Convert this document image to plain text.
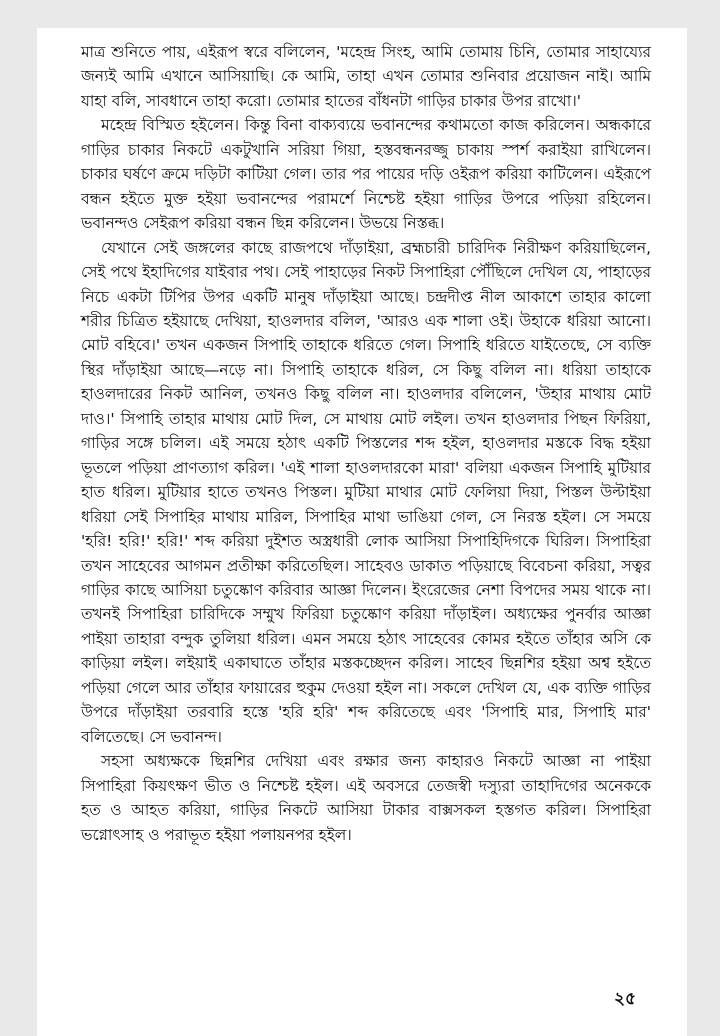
মাত্র শুনিতে পায়, এইরূপ স্বরে বলিলেন, 'মহেন্দ্র সিংহ, আমি তোমায় চিনি, তোমার সাহায্যের জন্যই আমি এখানে আসিয়াছি। কে আমি, তাহা এখন তোমার শুনিবার প্রয়োজন নাই। আমি যাহা বলি, সাবধানে তাহা করো। তোমার হাতের বাঁধনটা গাড়ির চাকার উপর রাখো।'

মহেন্দ্র বিস্মিত হইলেন। কিন্তু বিনা বাক্যব্যয়ে ভবানন্দের কথামতো কাজ করিলেন। অন্ধকারে গাড়ির চাকার নিকটে একটুখানি সরিয়া গিয়া, হস্তবন্ধনরজ্জু চাকায় স্পর্শ করাইয়া রাখিলেন। চাকার ঘর্ষণে ক্রমে দড়িটা কাটিয়া গেল। তার পর পায়ের দড়ি ওইরূপ করিয়া কাটিলেন। এইরূপে বন্ধন হইতে মুক্ত হইয়া ভবানন্দের পরামর্শে নিশ্চেষ্ট হইয়া গাড়ির উপরে পড়িয়া রহিলেন। ভবানন্দও সেইরূপ করিয়া বন্ধন ছিন্ন করিলেন। উভয়ে নিস্তব্ধ।

যেখানে সেই জঙ্গলের কাছে রাজপথে দাঁড়াইয়া, ব্রহ্মচারী চারিদিক নিরীক্ষণ করিয়াছিলেন, সেই পথে ইহাদিগের যাইবার পথ। সেই পাহাড়ের নিকট সিপাহিরা পৌঁছিলে দেখিল যে, পাহাড়ের নিচে একটা টিপির উপর একটি মানুষ দাঁড়াইয়া আছে। চন্দ্রদীপ্ত নীল আকাশে তাহার কালো শরীর চিত্রিত হইয়াছে দেখিয়া, হাওলদার বলিল, 'আরও এক শালা ওই। উহাকে ধরিয়া আনো। মোট বহিবে।' তখন একজন সিপাহি তাহাকে ধরিতে গেল। সিপাহি ধরিতে যাইতেছে, সে ব্যক্তি স্থির দাঁড়াইয়া আছে—নড়ে না। সিপাহি তাহাকে ধরিল, সে কিছু বলিল না। ধরিয়া তাহাকে হাওলদারের নিকট আনিল, তখনও কিছু বলিল না। হাওলদার বলিলেন, 'উহার মাথায় মোট দাও।' সিপাহি তাহার মাথায় মোট দিল, সে মাথায় মোট লইল। তখন হাওলদার পিছন ফিরিয়া, গাড়ির সঙ্গে চলিল। এই সময়ে হঠাৎ একটি পিস্তলের শব্দ হইল, হাওলদার মস্তকে বিদ্ধ হইয়া ভূতলে পড়িয়া প্রাণত্যাগ করিল। 'এই শালা হাওলদারকো মারা' বলিয়া একজন সিপাহি মুটিয়ার হাত ধরিল। মুটিয়ার হাতে তখনও পিস্তল। মুটিয়া মাথার মোট ফেলিয়া দিয়া, পিস্তল উল্টাইয়া ধরিয়া সেই সিপাহির মাথায় মারিল, সিপাহির মাথা ভাঙিয়া গেল, সে নিরস্ত হইল। সে সময়ে 'হরি! হরি!' হরি!' শব্দ করিয়া দুইশত অস্ত্রধারী লোক আসিয়া সিপাহিদিগকে ঘিরিল। সিপাহিরা তখন সাহেবের আগমন প্রতীক্ষা করিতেছিল। সাহেবও ডাকাত পড়িয়াছে বিবেচনা করিয়া, সত্বর গাড়ির কাছে আসিয়া চতুষ্কোণ করিবার আজ্ঞা দিলেন। ইংরেজের নেশা বিপদের সময় থাকে না। তখনই সিপাহিরা চারিদিকে সম্মুখ ফিরিয়া চতুষ্কোণ করিয়া দাঁড়াইল। অধ্যক্ষের পুনর্বার আজ্ঞা পাইয়া তাহারা বন্দুক তুলিয়া ধরিল। এমন সময়ে হঠাৎ সাহেবের কোমর হইতে তাঁহার অসি কে কাড়িয়া লইল। লইয়াই একাঘাতে তাঁহার মস্তকচ্ছেদন করিল। সাহেব ছিন্নশির হইয়া অশ্ব হইতে পড়িয়া গেলে আর তাঁহার ফায়ারের হুকুম দেওয়া হইল না। সকলে দেখিল যে, এক ব্যক্তি গাড়ির উপরে দাঁড়াইয়া তরবারি হস্তে 'হরি হরি' শব্দ করিতেছে এবং 'সিপাহি মার, সিপাহি মার' বলিতেছে। সে ভবানন্দ।

সহসা অধ্যক্ষকে ছিন্নশির দেখিয়া এবং রক্ষার জন্য কাহারও নিকটে আজ্ঞা না পাইয়া সিপাহিরা কিয়ৎক্ষণ ভীত ও নিশ্চেষ্ট হইল। এই অবসরে তেজস্বী দস্যুরা তাহাদিগের অনেককে হত ও আহত করিয়া, গাড়ির নিকটে আসিয়া টাকার বাক্সসকল হস্তগত করিল। সিপাহিরা ভগ্নোৎসাহ ও পরাভূত হইয়া পলায়নপর হইল।

২৫
